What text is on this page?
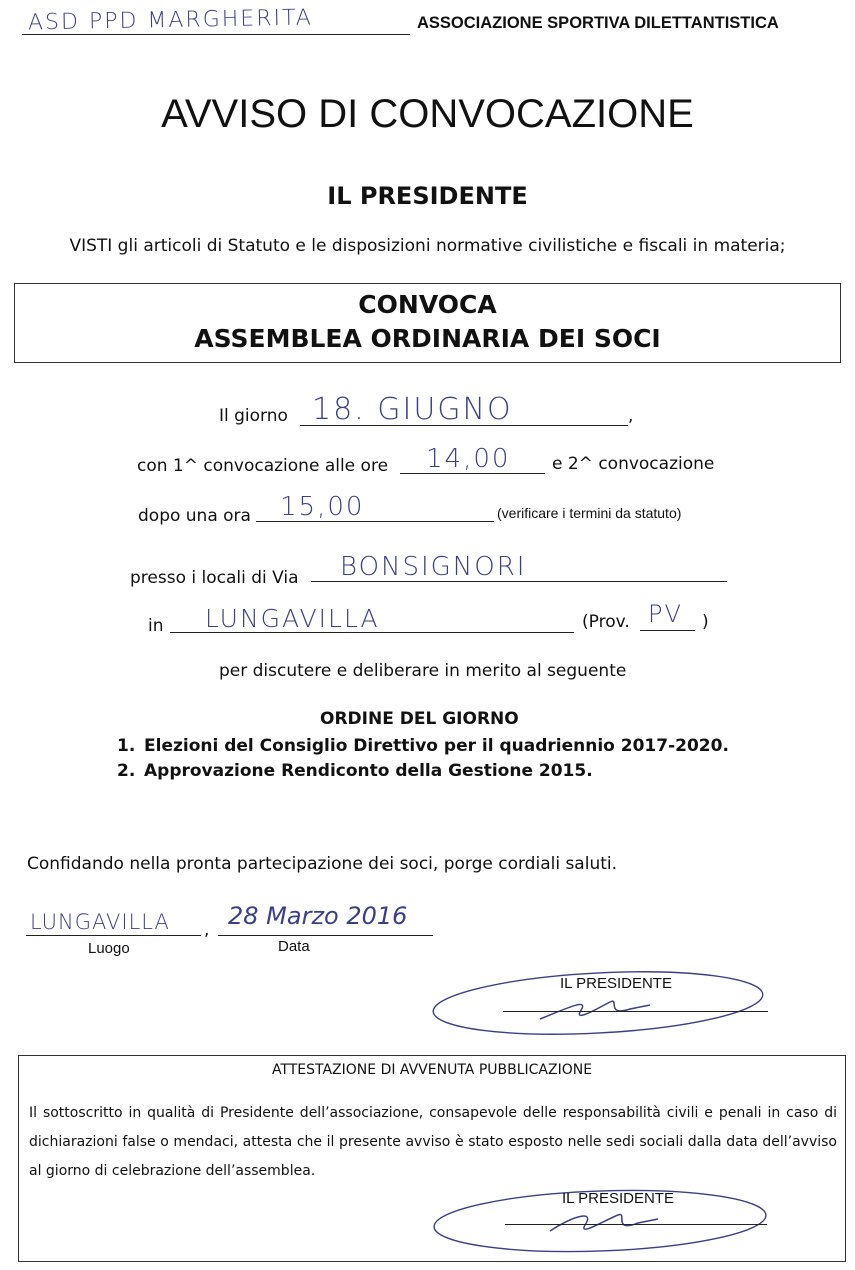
ASD PPD MARGHERITA	ASSOCIAZIONE SPORTIVA DILETTANTISTICA
AVVISO DI CONVOCAZIONE
IL PRESIDENTE
VISTI gli articoli di Statuto e le disposizioni normative civilistiche e fiscali in materia;
CONVOCA
ASSEMBLEA ORDINARIA DEI SOCI
Il giorno 18. GIUGNO	,
con 1^ convocazione alle ore 14,00 e 2^ convocazione
dopo una ora 15,00	(verificare i termini da statuto)
presso i locali di Via BONSIGNORI
in LUNGAVILLA	(Prov. PV )
per discutere e deliberare in merito al seguente
ORDINE DEL GIORNO
1. Elezioni del Consiglio Direttivo per il quadriennio 2017-2020.
2. Approvazione Rendiconto della Gestione 2015.
Confidando nella pronta partecipazione dei soci, porge cordiali saluti.
LUNGAVILLA ,
Luogo
28 Marzo 2016
Data
IL PRESIDENTE
ATTESTAZIONE DI AVVENUTA PUBBLICAZIONE
Il sottoscritto in qualità di Presidente dell’associazione, consapevole delle responsabilità civili e penali in caso di dichiarazioni false o mendaci, attesta che il presente avviso è stato esposto nelle sedi sociali dalla data dell’avviso al giorno di celebrazione dell’assemblea.
IL PRESIDENTE
